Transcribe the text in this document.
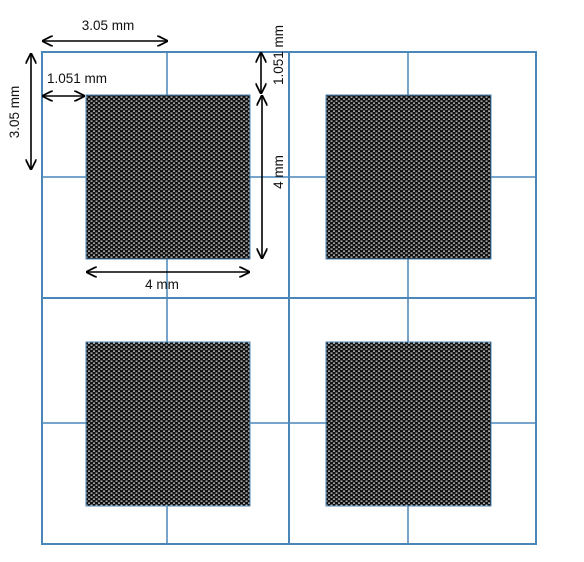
3.05 mm
3.05 mm
1.051 mm	1.051 mm
4 mm
4 mm
